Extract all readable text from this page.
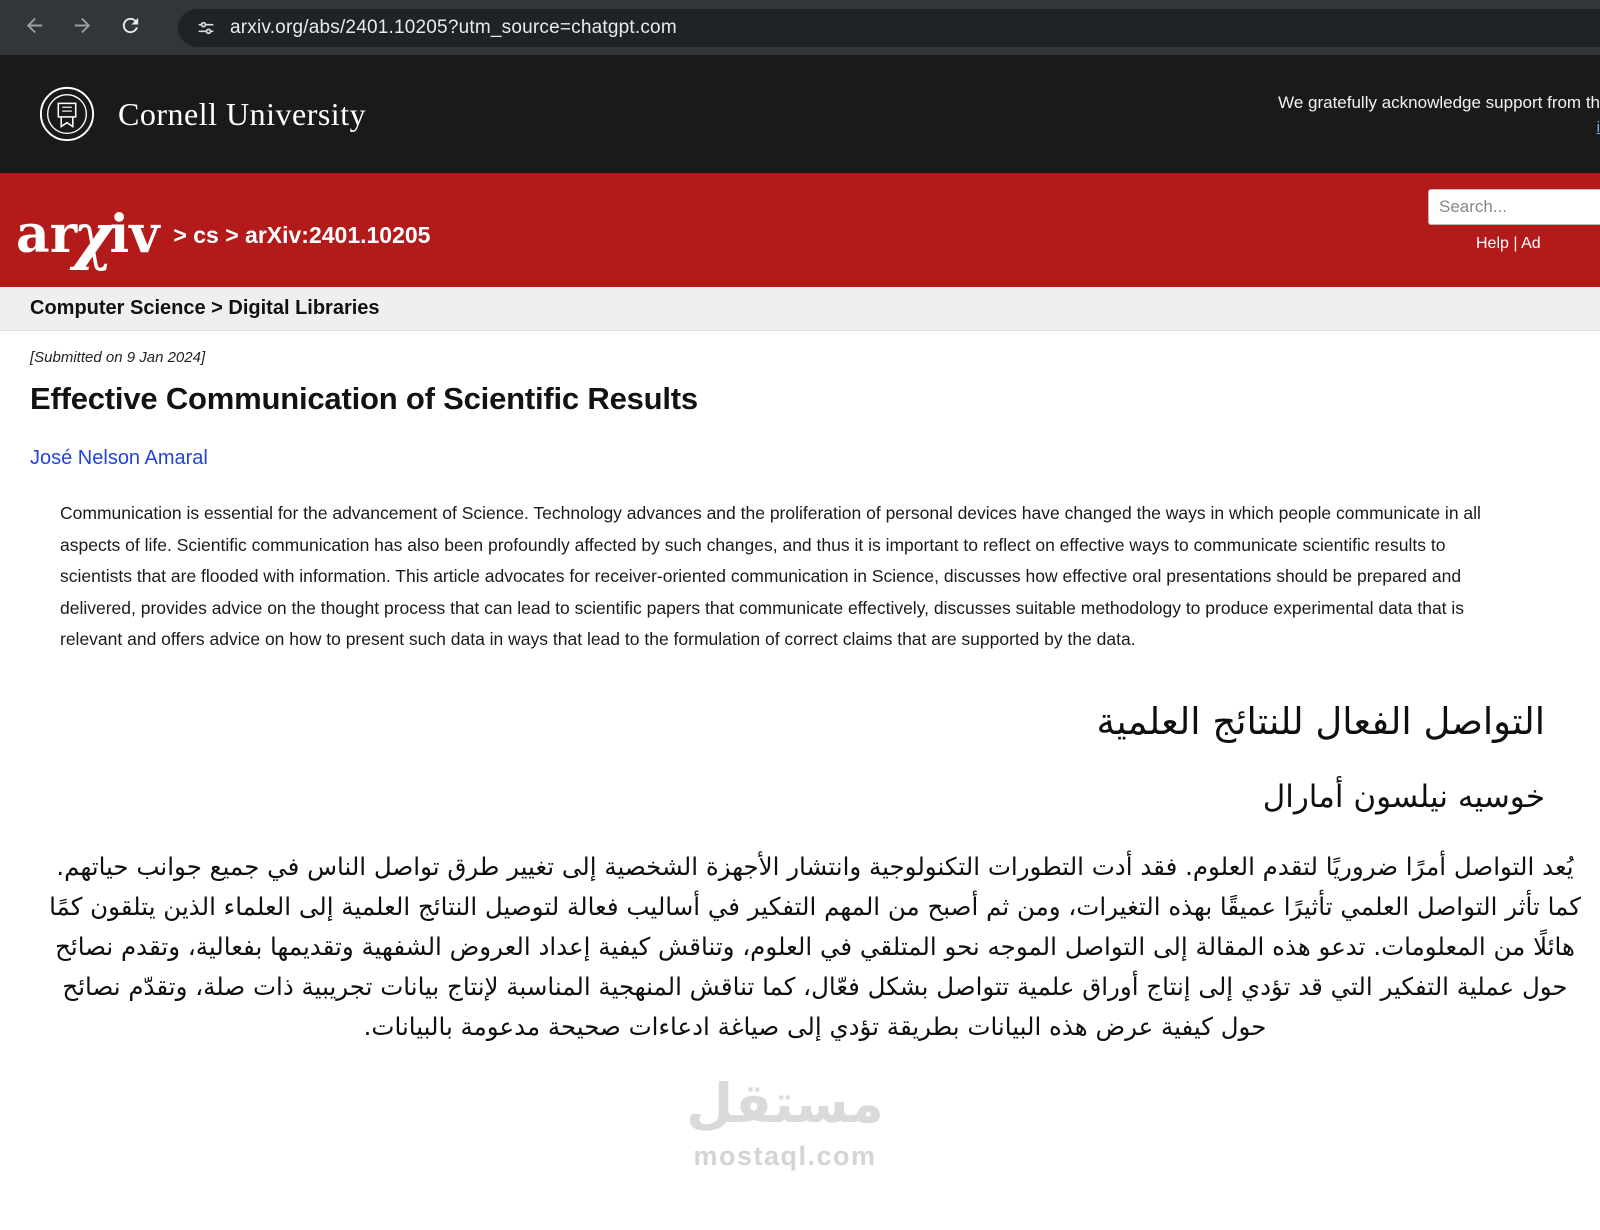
arxiv.org/abs/2401.10205?utm_source=chatgpt.com
Cornell University	We gratefully acknowledge support from th
i
ar
χ
iv > cs > arXiv:2401.10205
Search...	Help | Ad
Computer Science > Digital Libraries
[Submitted on 9 Jan 2024]
Effective Communication of Scientific Results
José Nelson Amaral

Communication is essential for the advancement of Science. Technology advances and the proliferation of personal devices have changed the ways in which people communicate in all aspects of life. Scientific communication has also been profoundly affected by such changes, and thus it is important to reflect on effective ways to communicate scientific results to scientists that are flooded with information. This article advocates for receiver-oriented communication in Science, discusses how effective oral presentations should be prepared and delivered, provides advice on the thought process that can lead to scientific papers that communicate effectively, discusses suitable methodology to produce experimental data that is relevant and offers advice on how to present such data in ways that lead to the formulation of correct claims that are supported by the data.

التواصل الفعال للنتائج العلمية
خوسيه نيلسون أمارال

يُعد التواصل أمرًا ضروريًا لتقدم العلوم. فقد أدت التطورات التكنولوجية وانتشار الأجهزة الشخصية إلى تغيير طرق تواصل الناس في جميع جوانب حياتهم. كما تأثر التواصل العلمي تأثيرًا عميقًا بهذه التغيرات، ومن ثم أصبح من المهم التفكير في أساليب فعالة لتوصيل النتائج العلمية إلى العلماء الذين يتلقون كمًا هائلًا من المعلومات. تدعو هذه المقالة إلى التواصل الموجه نحو المتلقي في العلوم، وتناقش كيفية إعداد العروض الشفهية وتقديمها بفعالية، وتقدم نصائح حول عملية التفكير التي قد تؤدي إلى إنتاج أوراق علمية تتواصل بشكل فعّال، كما تناقش المنهجية المناسبة لإنتاج بيانات تجريبية ذات صلة، وتقدّم نصائح حول كيفية عرض هذه البيانات بطريقة تؤدي إلى صياغة ادعاءات صحيحة مدعومة بالبيانات.

مستقل
mostaql.com
